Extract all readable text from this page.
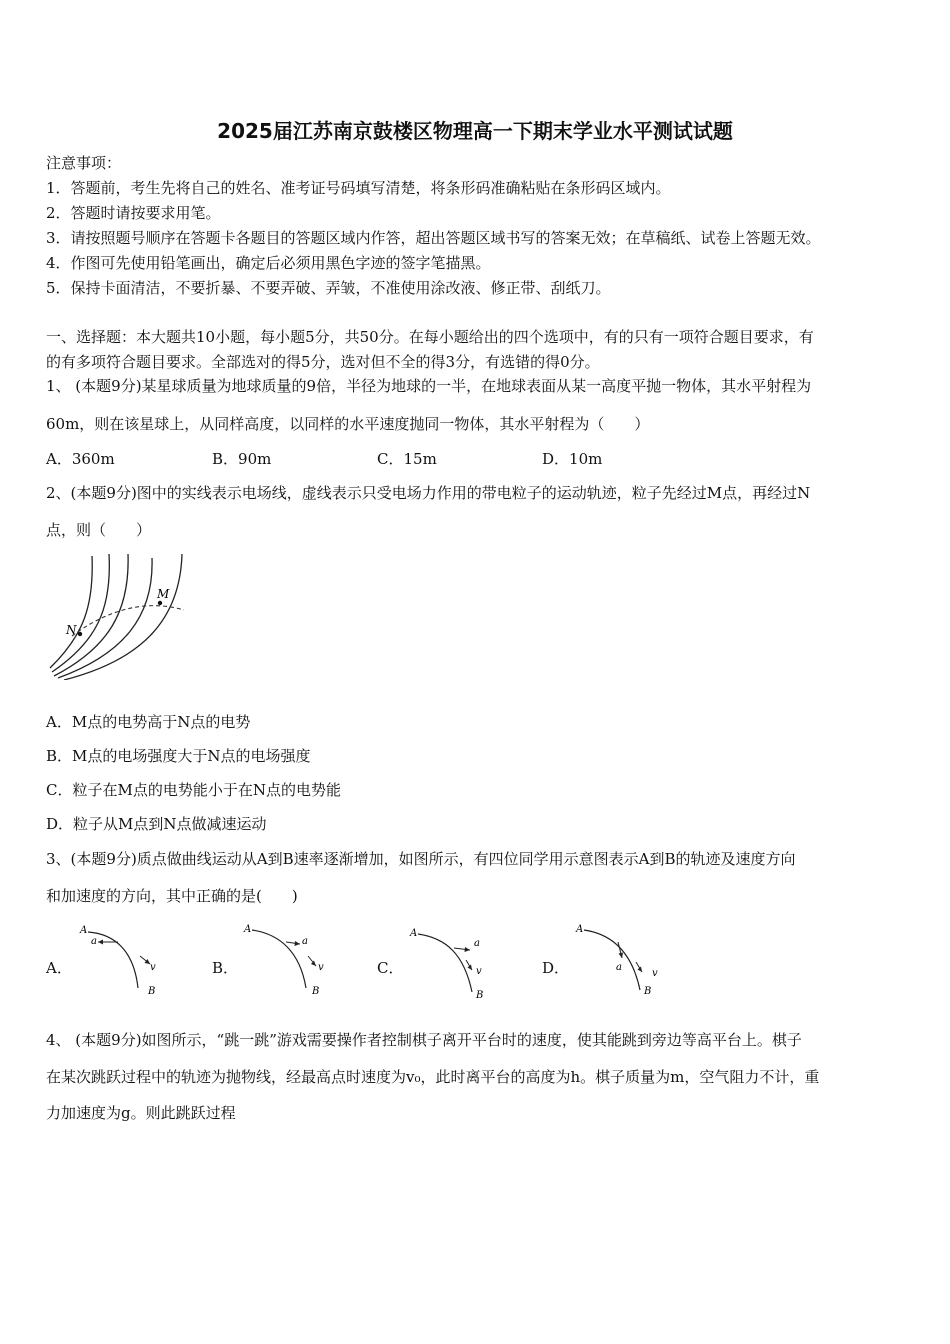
2025届江苏南京鼓楼区物理高一下期末学业水平测试试题
注意事项：
1．答题前，考生先将自己的姓名、准考证号码填写清楚，将条形码准确粘贴在条形码区域内。
2．答题时请按要求用笔。
3．请按照题号顺序在答题卡各题目的答题区域内作答，超出答题区域书写的答案无效；在草稿纸、试卷上答题无效。
4．作图可先使用铅笔画出，确定后必须用黑色字迹的签字笔描黑。
5．保持卡面清洁，不要折暴、不要弄破、弄皱，不准使用涂改液、修正带、刮纸刀。
一、选择题：本大题共10小题，每小题5分，共50分。在每小题给出的四个选项中，有的只有一项符合题目要求，有
的有多项符合题目要求。全部选对的得5分，选对但不全的得3分，有选错的得0分。
1、 (本题9分)某星球质量为地球质量的9倍，半径为地球的一半，在地球表面从某一高度平抛一物体，其水平射程为
60m，则在该星球上，从同样高度，以同样的水平速度抛同一物体，其水平射程为（　　）
A．360m	B．90m	C．15m	D．10m
2、(本题9分)图中的实线表示电场线，虚线表示只受电场力作用的带电粒子的运动轨迹，粒子先经过M点，再经过N
点，则（　　）
M
N
A．M点的电势高于N点的电势
B．M点的电场强度大于N点的电场强度
C．粒子在M点的电势能小于在N点的电势能
D．粒子从M点到N点做减速运动
3、(本题9分)质点做曲线运动从A到B速率逐渐增加，如图所示，有四位同学用示意图表示A到B的轨迹及速度方向
和加速度的方向，其中正确的是(　　)
A．	B．	C．	D．
A
a
v
B
A
a
v
B
A
a
v
B
A
a
v
B
4、 (本题9分)如图所示，“跳一跳”游戏需要操作者控制棋子离开平台时的速度，使其能跳到旁边等高平台上。棋子
在某次跳跃过程中的轨迹为抛物线，经最高点时速度为v₀，此时离平台的高度为h。棋子质量为m，空气阻力不计，重
力加速度为g。则此跳跃过程
